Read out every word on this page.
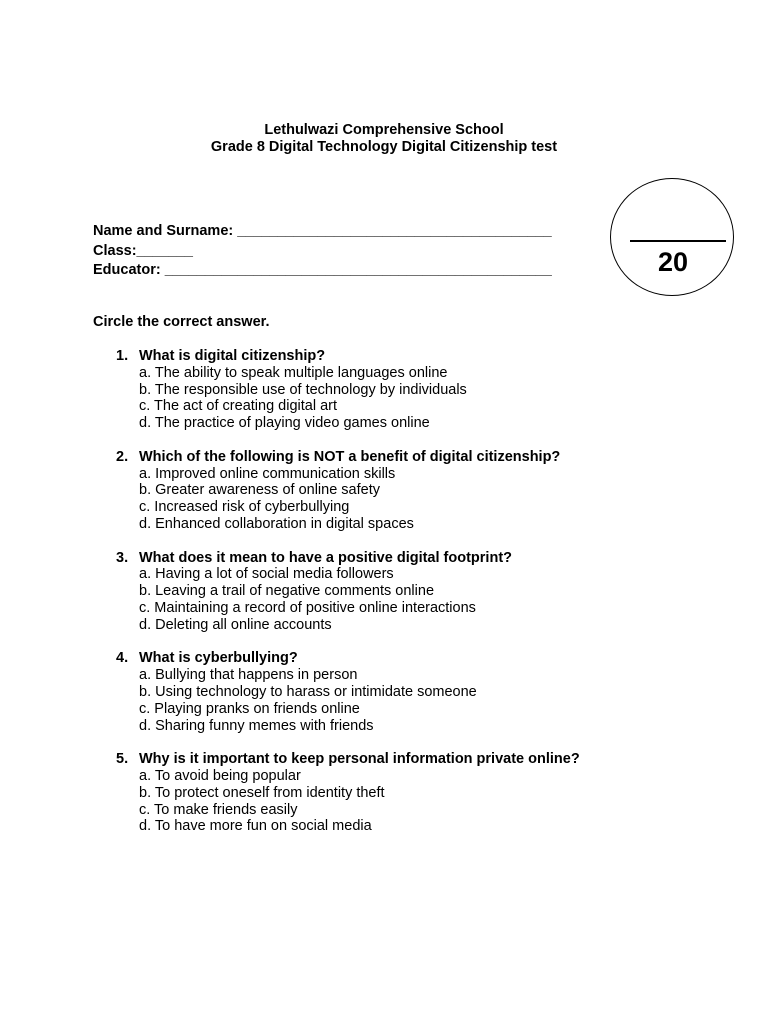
Lethulwazi Comprehensive School
Grade 8 Digital Technology Digital Citizenship test
Name and Surname: _______________________________________
Class:_______
Educator: ________________________________________________	20
Circle the correct answer.
1. What is digital citizenship?
a. The ability to speak multiple languages online
b. The responsible use of technology by individuals
c. The act of creating digital art
d. The practice of playing video games online
2. Which of the following is NOT a benefit of digital citizenship?
a. Improved online communication skills
b. Greater awareness of online safety
c. Increased risk of cyberbullying
d. Enhanced collaboration in digital spaces
3. What does it mean to have a positive digital footprint?
a. Having a lot of social media followers
b. Leaving a trail of negative comments online
c. Maintaining a record of positive online interactions
d. Deleting all online accounts
4. What is cyberbullying?
a. Bullying that happens in person
b. Using technology to harass or intimidate someone
c. Playing pranks on friends online
d. Sharing funny memes with friends
5. Why is it important to keep personal information private online?
a. To avoid being popular
b. To protect oneself from identity theft
c. To make friends easily
d. To have more fun on social media
